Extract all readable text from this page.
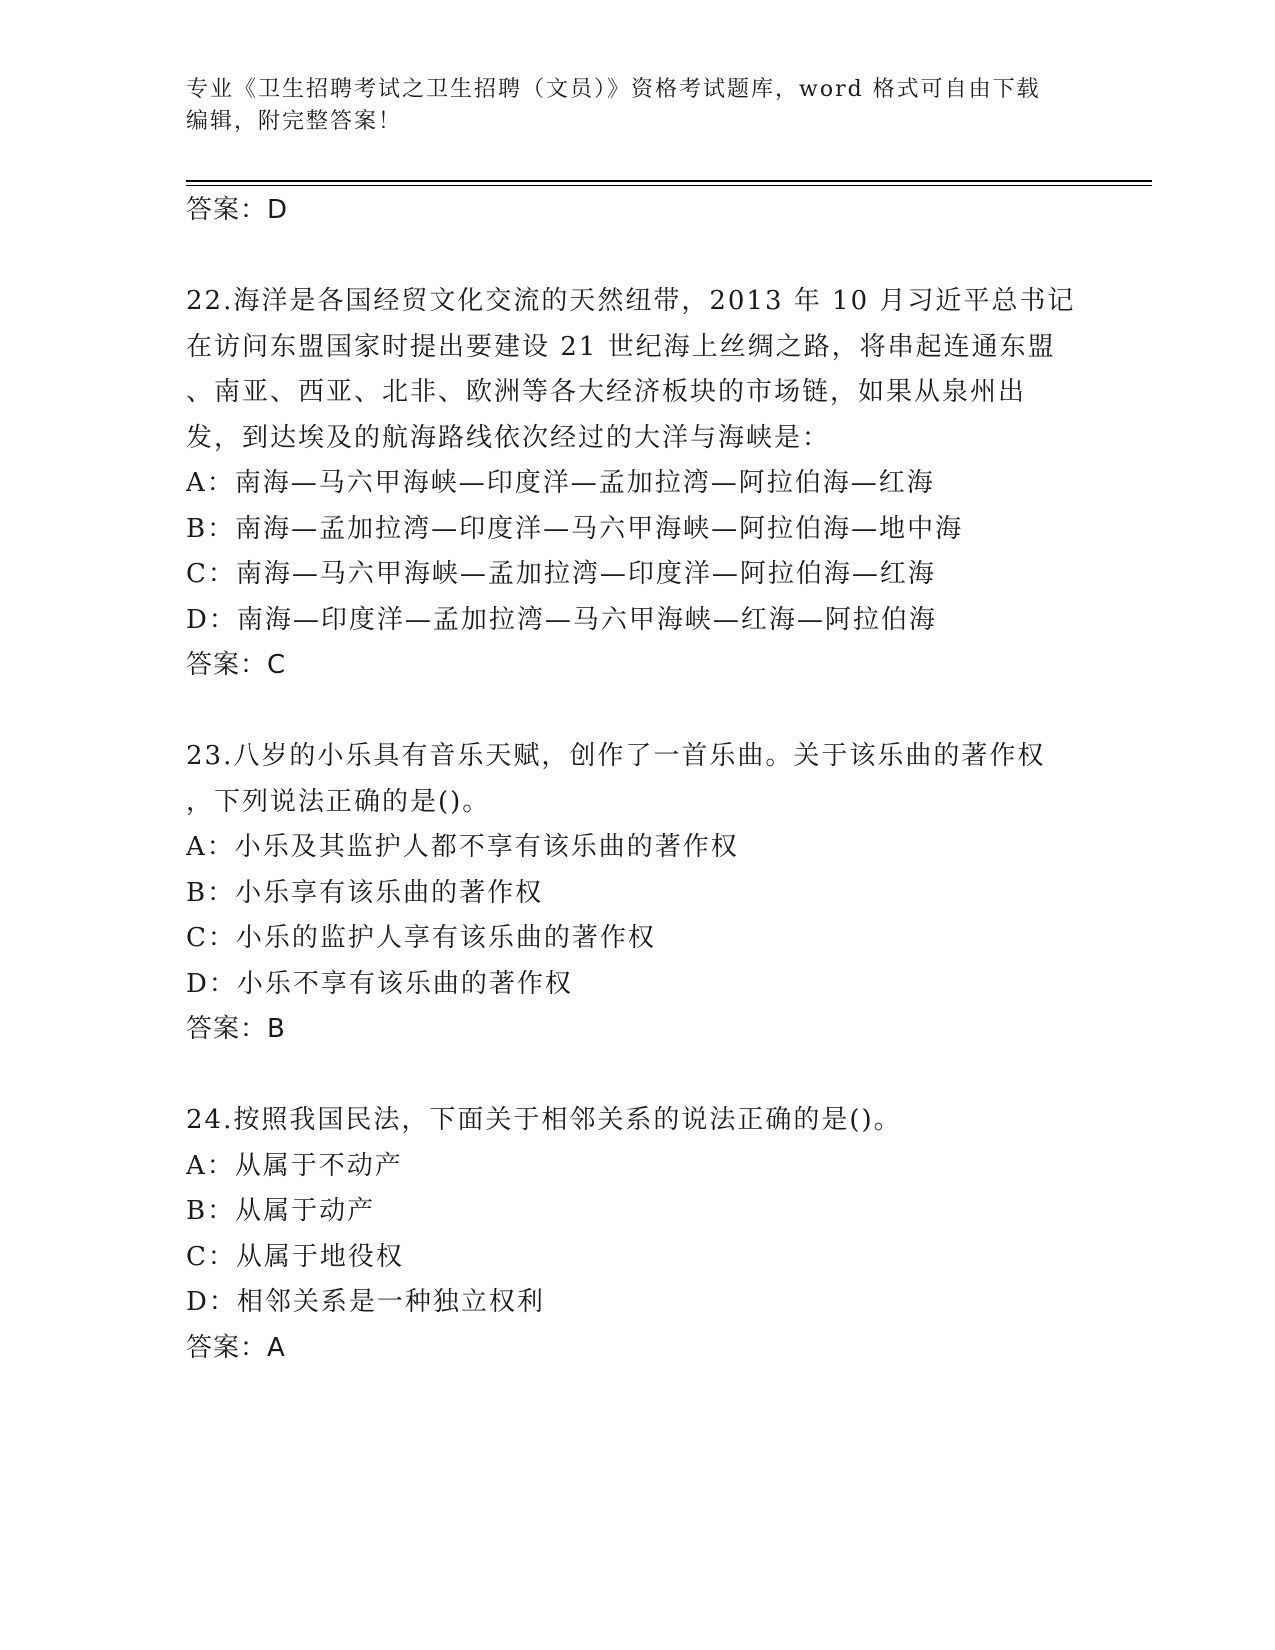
专业《卫生招聘考试之卫生招聘（文员）》资格考试题库，word 格式可自由下载
编辑，附完整答案！
答案：D
22.海洋是各国经贸文化交流的天然纽带，2013 年 10 月习近平总书记
在访问东盟国家时提出要建设 21 世纪海上丝绸之路，将串起连通东盟
、南亚、西亚、北非、欧洲等各大经济板块的市场链，如果从泉州出
发，到达埃及的航海路线依次经过的大洋与海峡是：
A：南海—马六甲海峡—印度洋—孟加拉湾—阿拉伯海—红海
B：南海—孟加拉湾—印度洋—马六甲海峡—阿拉伯海—地中海
C：南海—马六甲海峡—孟加拉湾—印度洋—阿拉伯海—红海
D：南海—印度洋—孟加拉湾—马六甲海峡—红海—阿拉伯海
答案：C
23.八岁的小乐具有音乐天赋，创作了一首乐曲。关于该乐曲的著作权
，下列说法正确的是()。
A：小乐及其监护人都不享有该乐曲的著作权
B：小乐享有该乐曲的著作权
C：小乐的监护人享有该乐曲的著作权
D：小乐不享有该乐曲的著作权
答案：B
24.按照我国民法，下面关于相邻关系的说法正确的是()。
A：从属于不动产
B：从属于动产
C：从属于地役权
D：相邻关系是一种独立权利
答案：A
